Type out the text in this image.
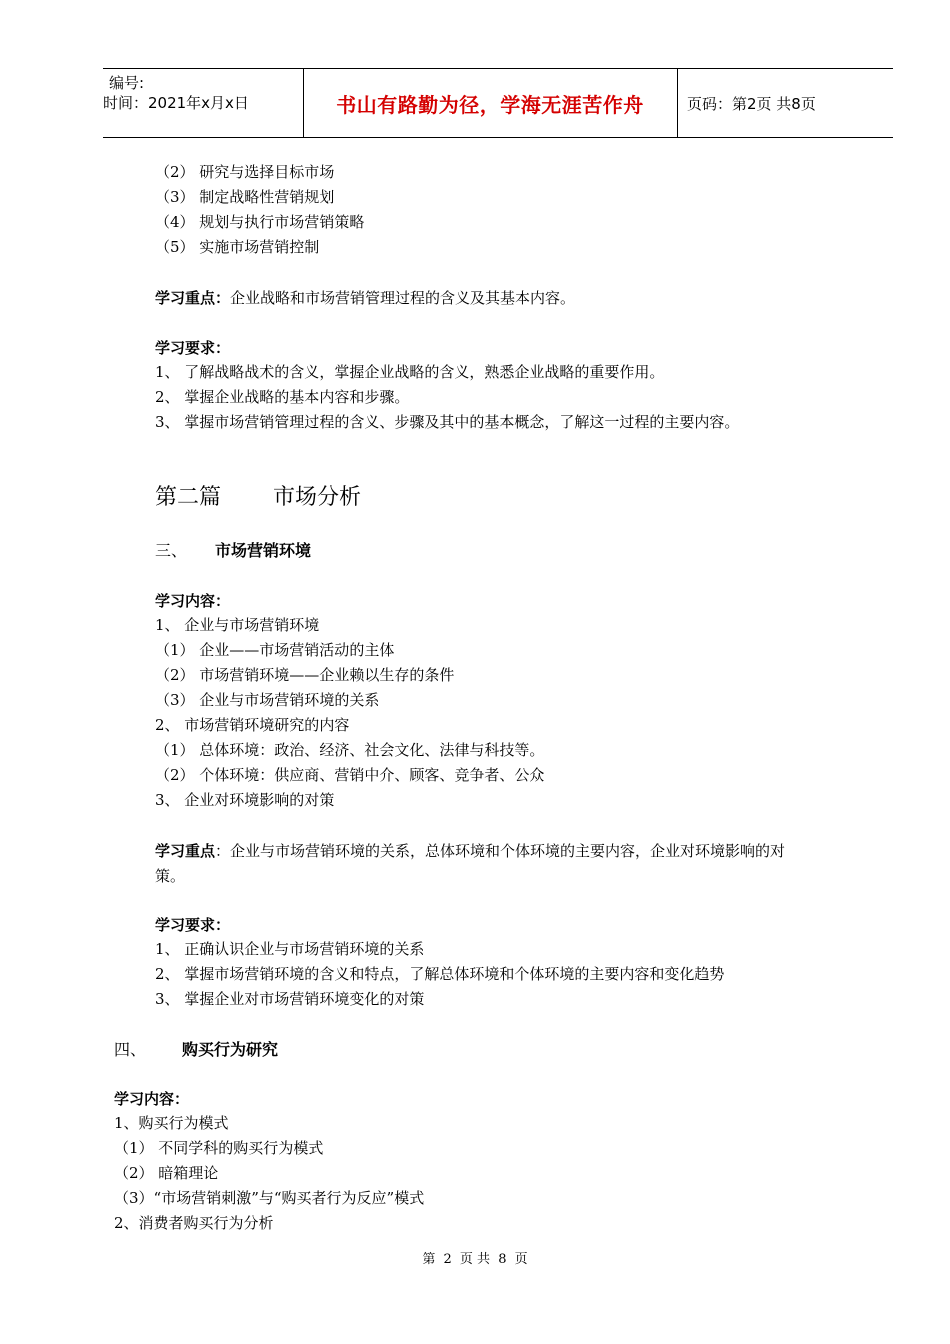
编号:
时间：2021年x月x日	书山有路勤为径，学海无涯苦作舟	页码：第2页 共8页
（2） 研究与选择目标市场
（3） 制定战略性营销规划
（4） 规划与执行市场营销策略
（5） 实施市场营销控制
学习重点：企业战略和市场营销管理过程的含义及其基本内容。
学习要求：
1、 了解战略战术的含义，掌握企业战略的含义，熟悉企业战略的重要作用。
2、 掌握企业战略的基本内容和步骤。
3、 掌握市场营销管理过程的含义、步骤及其中的基本概念，了解这一过程的主要内容。
第二篇 市场分析
三、 市场营销环境
学习内容：
1、 企业与市场营销环境
（1） 企业——市场营销活动的主体
（2） 市场营销环境——企业赖以生存的条件
（3） 企业与市场营销环境的关系
2、 市场营销环境研究的内容
（1） 总体环境：政治、经济、社会文化、法律与科技等。
（2） 个体环境：供应商、营销中介、顾客、竞争者、公众
3、 企业对环境影响的对策
学习重点：企业与市场营销环境的关系，总体环境和个体环境的主要内容，企业对环境影响的对
策。
学习要求：
1、 正确认识企业与市场营销环境的关系
2、 掌握市场营销环境的含义和特点，了解总体环境和个体环境的主要内容和变化趋势
3、 掌握企业对市场营销环境变化的对策
四、 购买行为研究
学习内容：
1、购买行为模式
（1） 不同学科的购买行为模式
（2） 暗箱理论
（3）“市场营销刺激”与“购买者行为反应”模式
2、消费者购买行为分析
第 2 页 共 8 页
